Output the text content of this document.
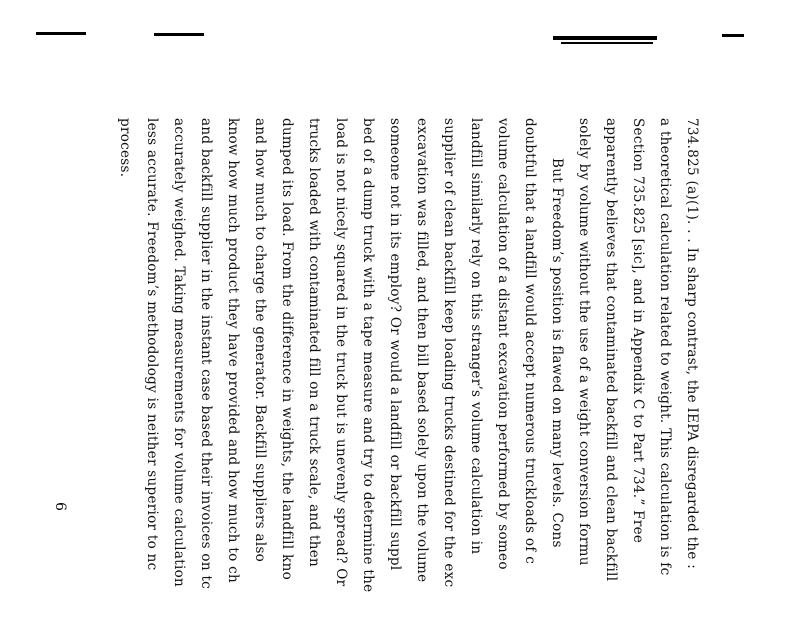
734.825 (a)(1). . . In sharp contrast, the IEPA disregarded the :
a theoretical calculation related to weight. This calculation is fc
Section 735.825 [sic], and in Appendix C to Part 734.” Free
apparently believes that contaminated backfill and clean backfill
solely by volume without the use of a weight conversion formu
But Freedom’s position is flawed on many levels. Cons
doubtful that a landfill would accept numerous truckloads of c
volume calculation of a distant excavation performed by someo
landfill similarly rely on this stranger’s volume calculation in
supplier of clean backfill keep loading trucks destined for the exc
excavation was filled, and then bill based solely upon the volume
someone not in its employ? Or would a landfill or backfill suppl
bed of a dump truck with a tape measure and try to determine the
load is not nicely squared in the truck but is unevenly spread? Or
trucks loaded with contaminated fill on a truck scale, and then
dumped its load. From the difference in weights, the landfill kno
and how much to charge the generator. Backfill suppliers also
know how much product they have provided and how much to ch
and backfill supplier in the instant case based their invoices on tc
accurately weighed. Taking measurements for volume calculation
less accurate. Freedom’s methodology is neither superior to nc
process.
6
